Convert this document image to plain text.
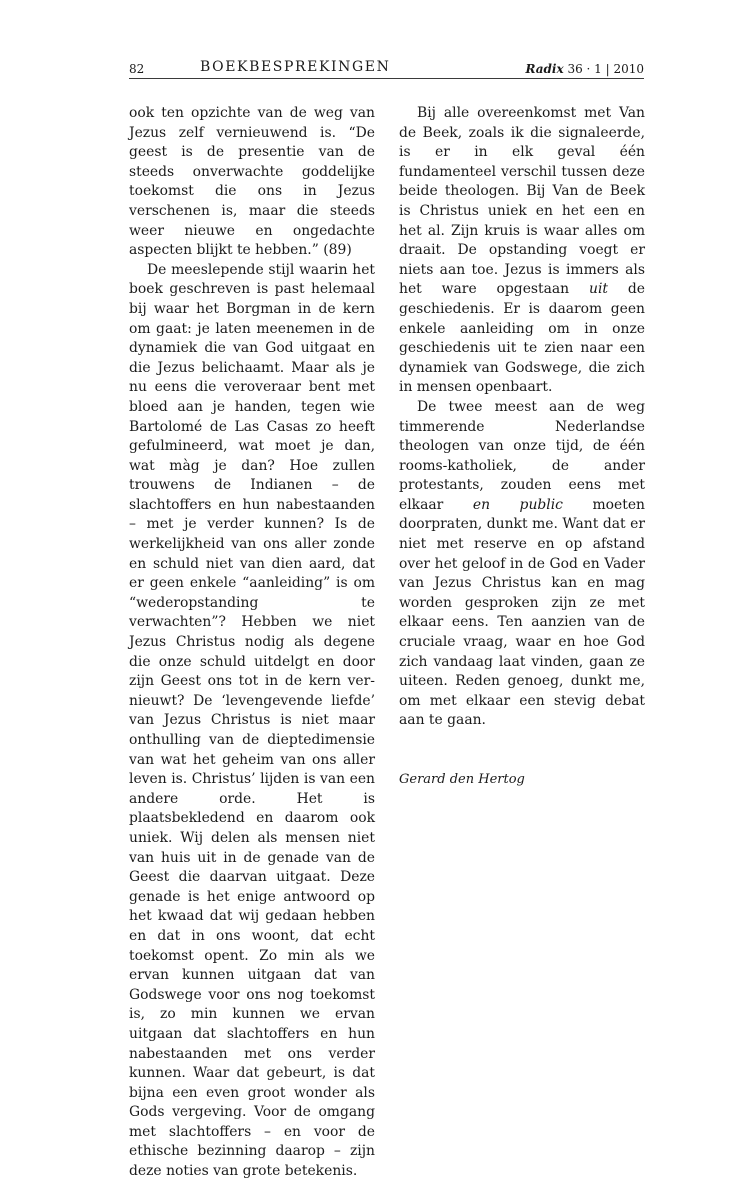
82	BOEKBESPREKINGEN	Radix 36 · 1 | 2010

ook ten opzichte van de weg van Jezus zelf vernieuwend is. “De geest is de presentie van de steeds onverwachte goddelijke toekomst die ons in Jezus verschenen is, maar die steeds weer nieuwe en ongedachte aspecten blijkt te hebben.” (89)

De meeslepende stijl waarin het boek geschreven is past helemaal bij waar het Borgman in de kern om gaat: je laten meenemen in de dynamiek die van God uitgaat en die Jezus belichaamt. Maar als je nu eens die veroveraar bent met bloed aan je handen, tegen wie Bartolomé de Las Casas zo heeft gefulmineerd, wat moet je dan, wat màg je dan? Hoe zullen trouwens de Indianen – de slachtoffers en hun nabestaanden – met je verder kunnen? Is de werkelijkheid van ons aller zonde en schuld niet van dien aard, dat er geen enkele “aanleiding” is om “wederopstanding te verwachten”? Hebben we niet Jezus Christus nodig als degene die onze schuld uitdelgt en door zijn Geest ons tot in de kern vernieuwt? De ‘levengevende liefde’ van Jezus Christus is niet maar onthulling van de dieptedimensie van wat het geheim van ons aller leven is. Christus’ lijden is van een andere orde. Het is plaatsbekledend en daarom ook uniek. Wij delen als mensen niet van huis uit in de genade van de Geest die daarvan uitgaat. Deze genade is het enige antwoord op het kwaad dat wij gedaan hebben en dat in ons woont, dat echt toekomst opent. Zo min als we ervan kunnen uitgaan dat van Godswege voor ons nog toekomst is, zo min kunnen we ervan uitgaan dat slachtoffers en hun nabestaanden met ons verder kunnen. Waar dat gebeurt, is dat bijna een even groot wonder als Gods vergeving. Voor de omgang met slachtoffers – en voor de ethische bezinning daarop – zijn deze noties van grote betekenis.

Bij alle overeenkomst met Van de Beek, zoals ik die signaleerde, is er in elk geval één fundamenteel verschil tussen deze beide theologen. Bij Van de Beek is Christus uniek en het een en het al. Zijn kruis is waar alles om draait. De opstanding voegt er niets aan toe. Jezus is immers als het ware opgestaan uit de geschiedenis. Er is daarom geen enkele aanleiding om in onze geschiedenis uit te zien naar een dynamiek van Godswege, die zich in mensen openbaart.

De twee meest aan de weg timmerende Nederlandse theologen van onze tijd, de één rooms-katholiek, de ander protestants, zouden eens met elkaar en public moeten doorpraten, dunkt me. Want dat er niet met reserve en op afstand over het geloof in de God en Vader van Jezus Christus kan en mag worden gesproken zijn ze met elkaar eens. Ten aanzien van de cruciale vraag, waar en hoe God zich vandaag laat vinden, gaan ze uiteen. Reden genoeg, dunkt me, om met elkaar een stevig debat aan te gaan.

Gerard den Hertog
